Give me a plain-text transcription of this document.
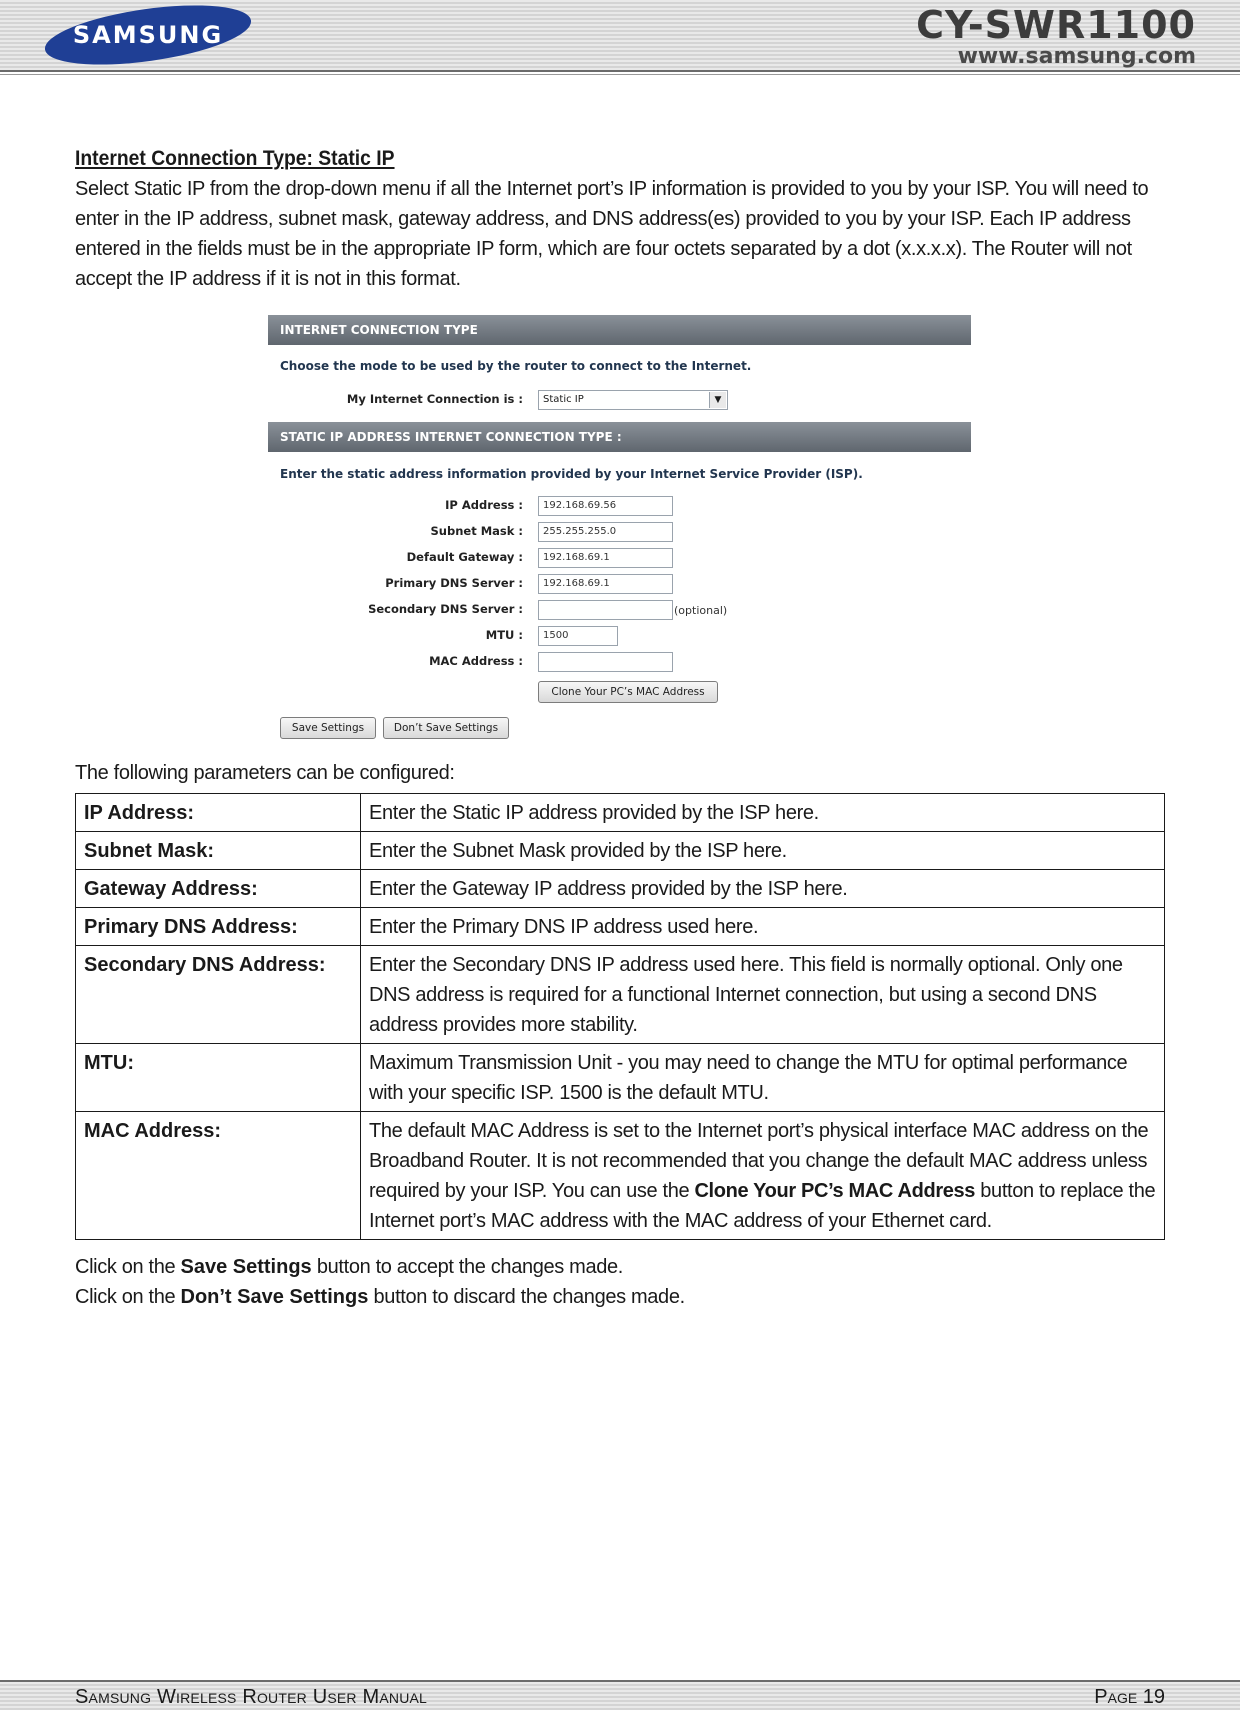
SAMSUNG	CY-SWR1100
www.samsung.com

Internet Connection Type: Static IP

Select Static IP from the drop-down menu if all the Internet port’s IP information is provided to you by your ISP. You will need to enter in the IP address, subnet mask, gateway address, and DNS address(es) provided to you by your ISP. Each IP address entered in the fields must be in the appropriate IP form, which are four octets separated by a dot (x.x.x.x). The Router will not accept the IP address if it is not in this format.

INTERNET CONNECTION TYPE
Choose the mode to be used by the router to connect to the Internet.
My Internet Connection is :	Static IP	▼
STATIC IP ADDRESS INTERNET CONNECTION TYPE :
Enter the static address information provided by your Internet Service Provider (ISP).
IP Address :	192.168.69.56
Subnet Mask :	255.255.255.0
Default Gateway :	192.168.69.1
Primary DNS Server :	192.168.69.1
Secondary DNS Server :	(optional)
MTU :	1500
MAC Address :
Clone Your PC’s MAC Address
Save Settings	Don’t Save Settings
The following parameters can be configured:
IP Address:	Enter the Static IP address provided by the ISP here.
Subnet Mask:	Enter the Subnet Mask provided by the ISP here.
Gateway Address:	Enter the Gateway IP address provided by the ISP here.
Primary DNS Address:	Enter the Primary DNS IP address used here.
Secondary DNS Address:	Enter the Secondary DNS IP address used here. This field is normally optional. Only one DNS address is required for a functional Internet connection, but using a second DNS address provides more stability.
MTU:	Maximum Transmission Unit - you may need to change the MTU for optimal performance with your specific ISP. 1500 is the default MTU.
MAC Address:	The default MAC Address is set to the Internet port’s physical interface MAC address on the Broadband Router. It is not recommended that you change the default MAC address unless required by your ISP. You can use the Clone Your PC’s MAC Address button to replace the Internet port’s MAC address with the MAC address of your Ethernet card.
Click on the Save Settings button to accept the changes made.
Click on the Don’t Save Settings button to discard the changes made.
Samsung Wireless Router User Manual	Page 19
